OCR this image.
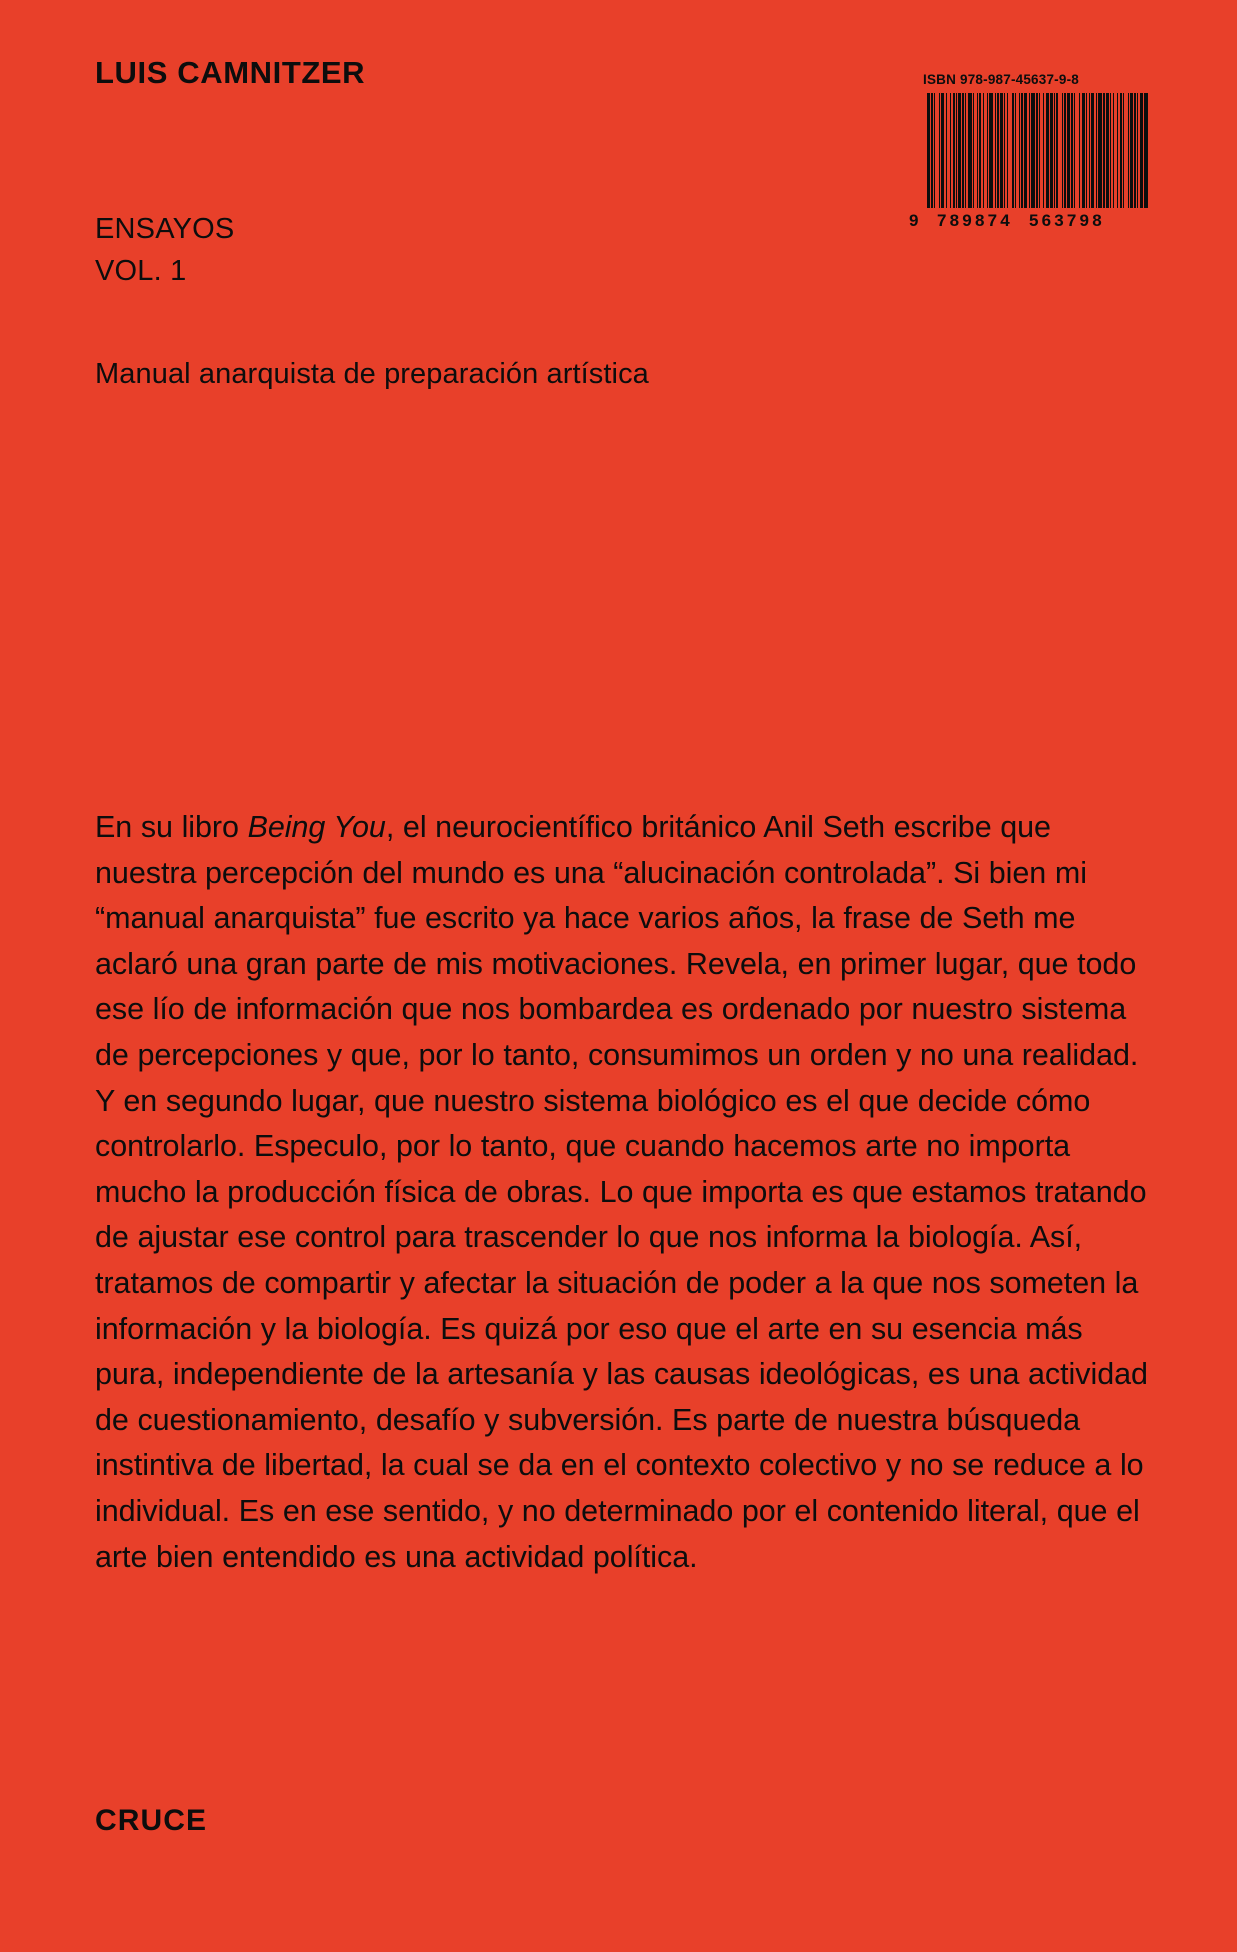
LUIS CAMNITZER
ENSAYOS
VOL. 1
Manual anarquista de preparación artística
ISBN 978-987-45637-9-8
9	789874 563798
En su libro Being You, el neurocientífico británico Anil Seth escribe que nuestra percepción del mundo es una “alucinación controlada”. Si bien mi “manual anarquista” fue escrito ya hace varios años, la frase de Seth me aclaró una gran parte de mis motivaciones. Revela, en primer lugar, que todo ese lío de información que nos bombardea es ordenado por nuestro sistema de percepciones y que, por lo tanto, consumimos un orden y no una realidad. Y en segundo lugar, que nuestro sistema biológico es el que decide cómo controlarlo. Especulo, por lo tanto, que cuando hacemos arte no importa mucho la producción física de obras. Lo que importa es que estamos tratando de ajustar ese control para trascender lo que nos informa la biología. Así, tratamos de compartir y afectar la situación de poder a la que nos someten la información y la biología. Es quizá por eso que el arte en su esencia más pura, independiente de la artesanía y las causas ideológicas, es una actividad de cuestionamiento, desafío y subversión. Es parte de nuestra búsqueda instintiva de libertad, la cual se da en el contexto colectivo y no se reduce a lo individual. Es en ese sentido, y no determinado por el contenido literal, que el arte bien entendido es una actividad política.
CRUCE
